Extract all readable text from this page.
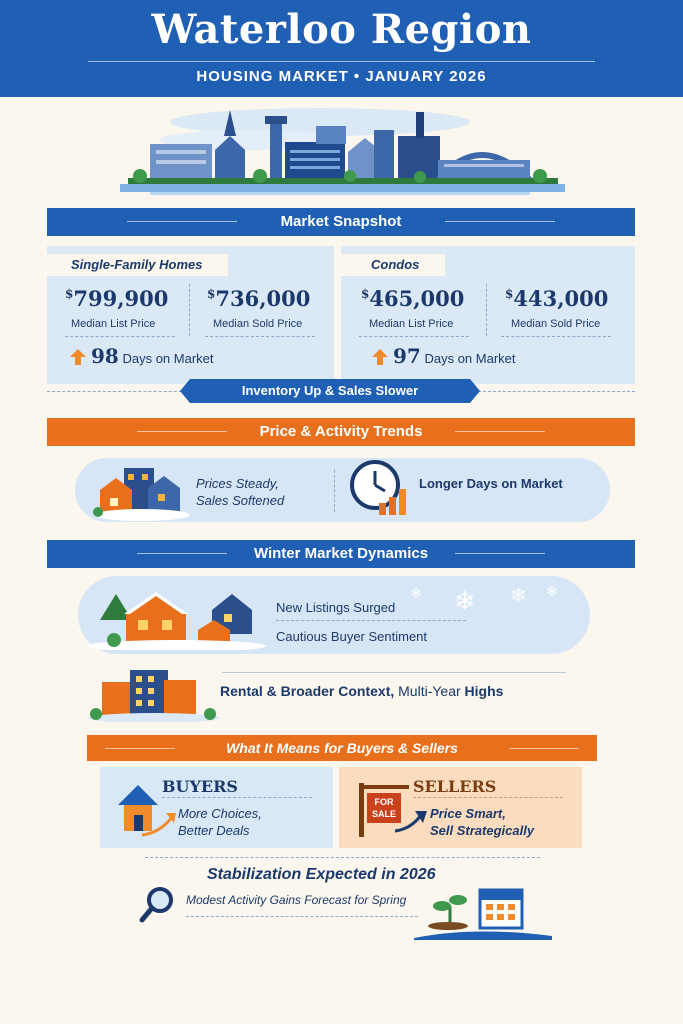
Waterloo Region
HOUSING MARKET • JANUARY 2026
Market Snapshot
Single-Family Homes
$799,900
Median List Price
$736,000
Median Sold Price
98 Days on Market
Condos
$465,000
Median List Price
$443,000
Median Sold Price
97 Days on Market
Inventory Up & Sales Slower
Price & Activity Trends
Prices Steady,
Sales Softened
Longer Days on Market
Winter Market Dynamics
New Listings Surged
Cautious Buyer Sentiment
❄ ❄ ❄ ❄
Rental & Broader Context, Multi-Year Highs
What It Means for Buyers & Sellers
BUYERS
More Choices,
Better Deals
FOR
SALE
SELLERS
Price Smart,
Sell Strategically
Stabilization Expected in 2026
Modest Activity Gains Forecast for Spring
